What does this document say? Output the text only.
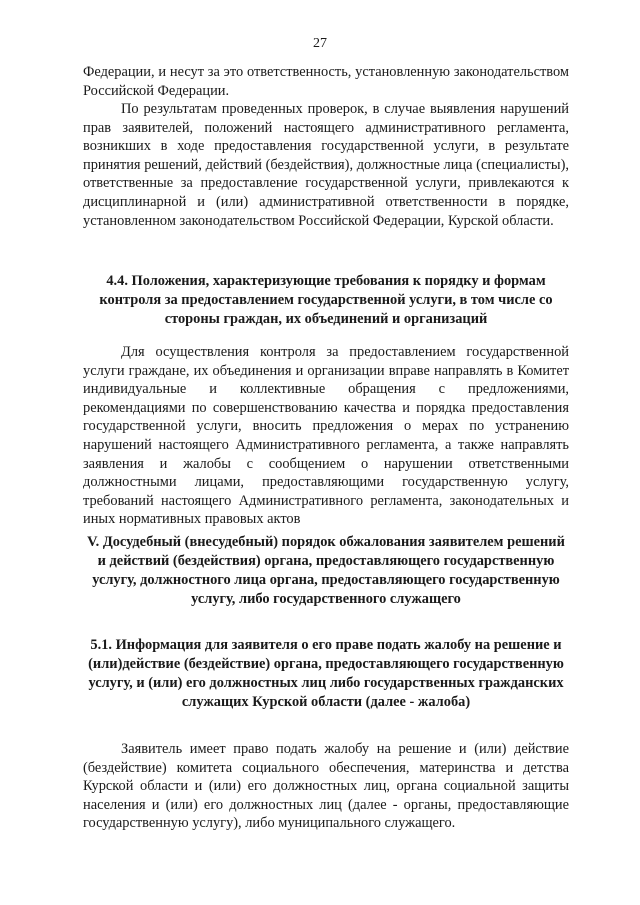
27

Федерации, и несут за это ответственность, установленную законодательством Российской Федерации.

По результатам проведенных проверок, в случае выявления нарушений прав заявителей, положений настоящего административного регламента, возникших в ходе предоставления государственной услуги, в результате принятия решений, действий (бездействия), должностные лица (специалисты), ответственные за предоставление государственной услуги, привлекаются к дисциплинарной и (или) административной ответственности в порядке, установленном законодательством Российской Федерации, Курской области.

4.4. Положения, характеризующие требования к порядку и формам контроля за предоставлением государственной услуги, в том числе со стороны граждан, их объединений и организаций

Для осуществления контроля за предоставлением государственной услуги граждане, их объединения и организации вправе направлять в Комитет индивидуальные и коллективные обращения с предложениями, рекомендациями по совершенствованию качества и порядка предоставления государственной услуги, вносить предложения о мерах по устранению нарушений настоящего Административного регламента, а также направлять заявления и жалобы с сообщением о нарушении ответственными должностными лицами, предоставляющими государственную услугу, требований настоящего Административного регламента, законодательных и иных нормативных правовых актов

V. Досудебный (внесудебный) порядок обжалования заявителем решений и действий (бездействия) органа, предоставляющего государственную услугу, должностного лица органа, предоставляющего государственную услугу, либо государственного служащего
5.1. Информация для заявителя о его праве подать жалобу на решение и (или)действие (бездействие) органа, предоставляющего государственную услугу, и (или) его должностных лиц либо государственных гражданских служащих Курской области (далее - жалоба)

Заявитель имеет право подать жалобу на решение и (или) действие (бездействие) комитета социального обеспечения, материнства и детства Курской области и (или) его должностных лиц, органа социальной защиты населения и (или) его должностных лиц (далее - органы, предоставляющие государственную услугу), либо муниципального служащего.
